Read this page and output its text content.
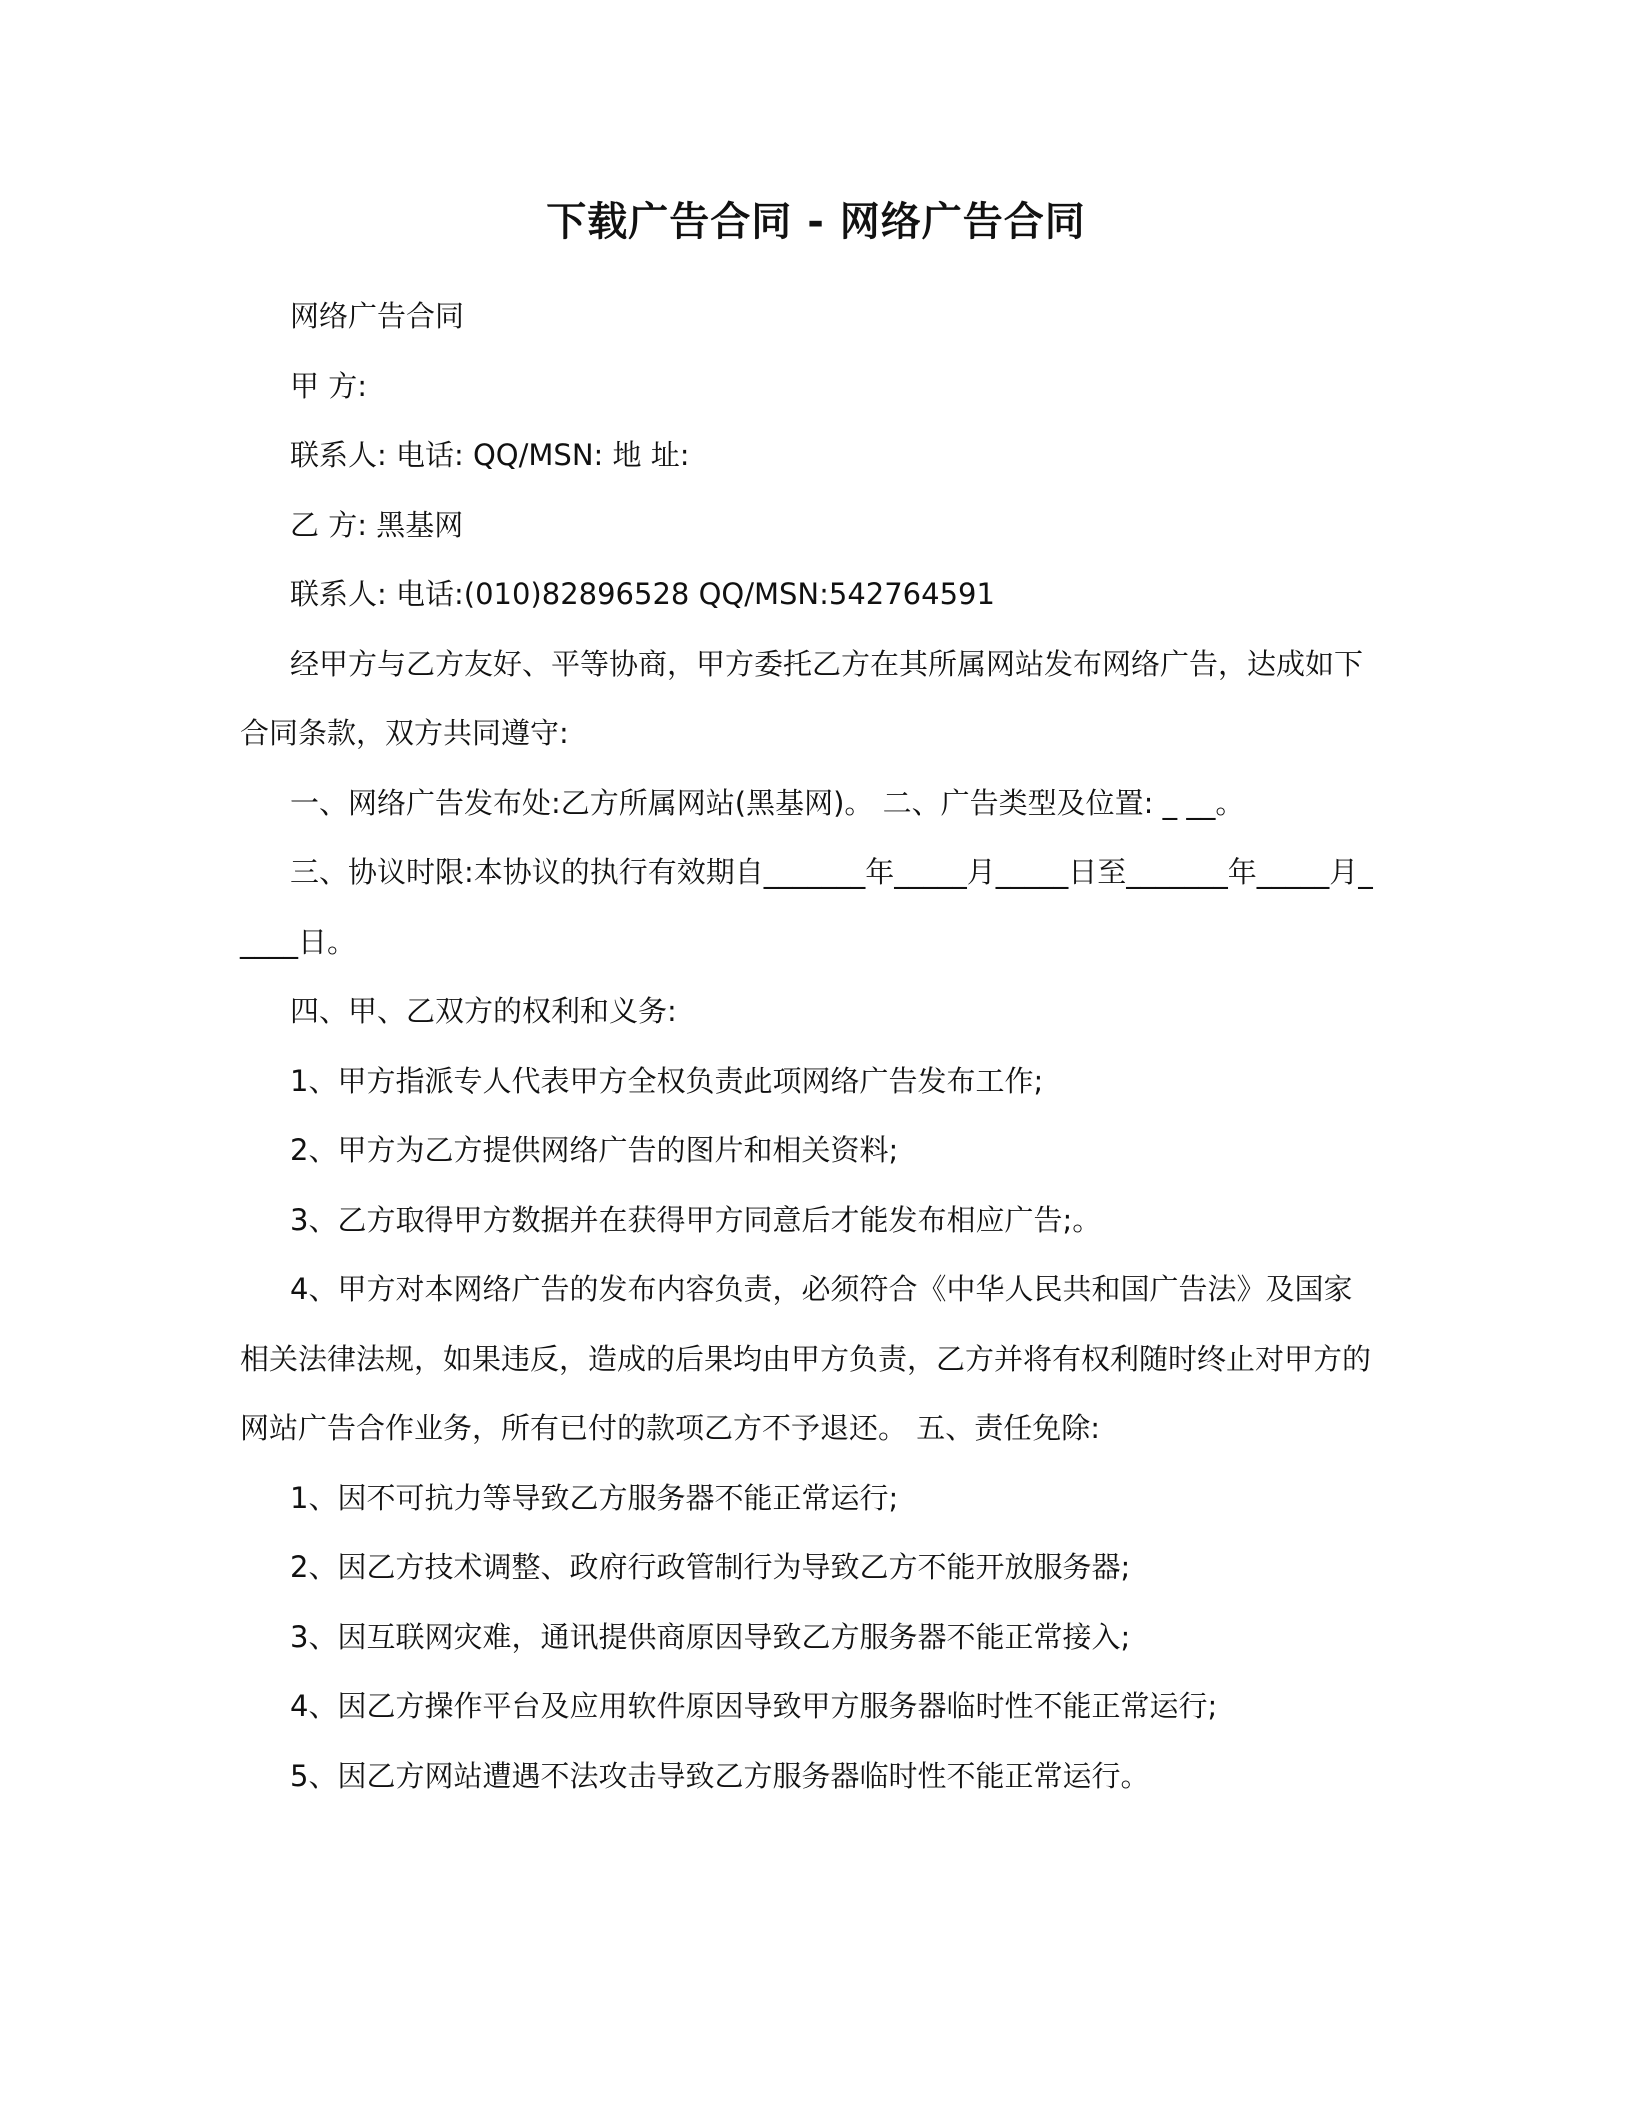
下载广告合同 - 网络广告合同

网络广告合同

甲 方:

联系人: 电话: QQ/MSN: 地 址:

乙 方: 黑基网

联系人: 电话:(010)82896528 QQ/MSN:542764591

经甲方与乙方友好、平等协商，甲方委托乙方在其所属网站发布网络广告，达成如下合同条款，双方共同遵守:

一、网络广告发布处:乙方所属网站(黑基网)。 二、广告类型及位置: _ __。

三、协议时限:本协议的执行有效期自_______年_____月_____日至_______年_____月_____日。

四、甲、乙双方的权利和义务:

1、甲方指派专人代表甲方全权负责此项网络广告发布工作;

2、甲方为乙方提供网络广告的图片和相关资料;

3、乙方取得甲方数据并在获得甲方同意后才能发布相应广告;。

4、甲方对本网络广告的发布内容负责，必须符合《中华人民共和国广告法》及国家相关法律法规，如果违反，造成的后果均由甲方负责，乙方并将有权利随时终止对甲方的网站广告合作业务，所有已付的款项乙方不予退还。 五、责任免除:

1、因不可抗力等导致乙方服务器不能正常运行;

2、因乙方技术调整、政府行政管制行为导致乙方不能开放服务器;

3、因互联网灾难，通讯提供商原因导致乙方服务器不能正常接入;

4、因乙方操作平台及应用软件原因导致甲方服务器临时性不能正常运行;

5、因乙方网站遭遇不法攻击导致乙方服务器临时性不能正常运行。
